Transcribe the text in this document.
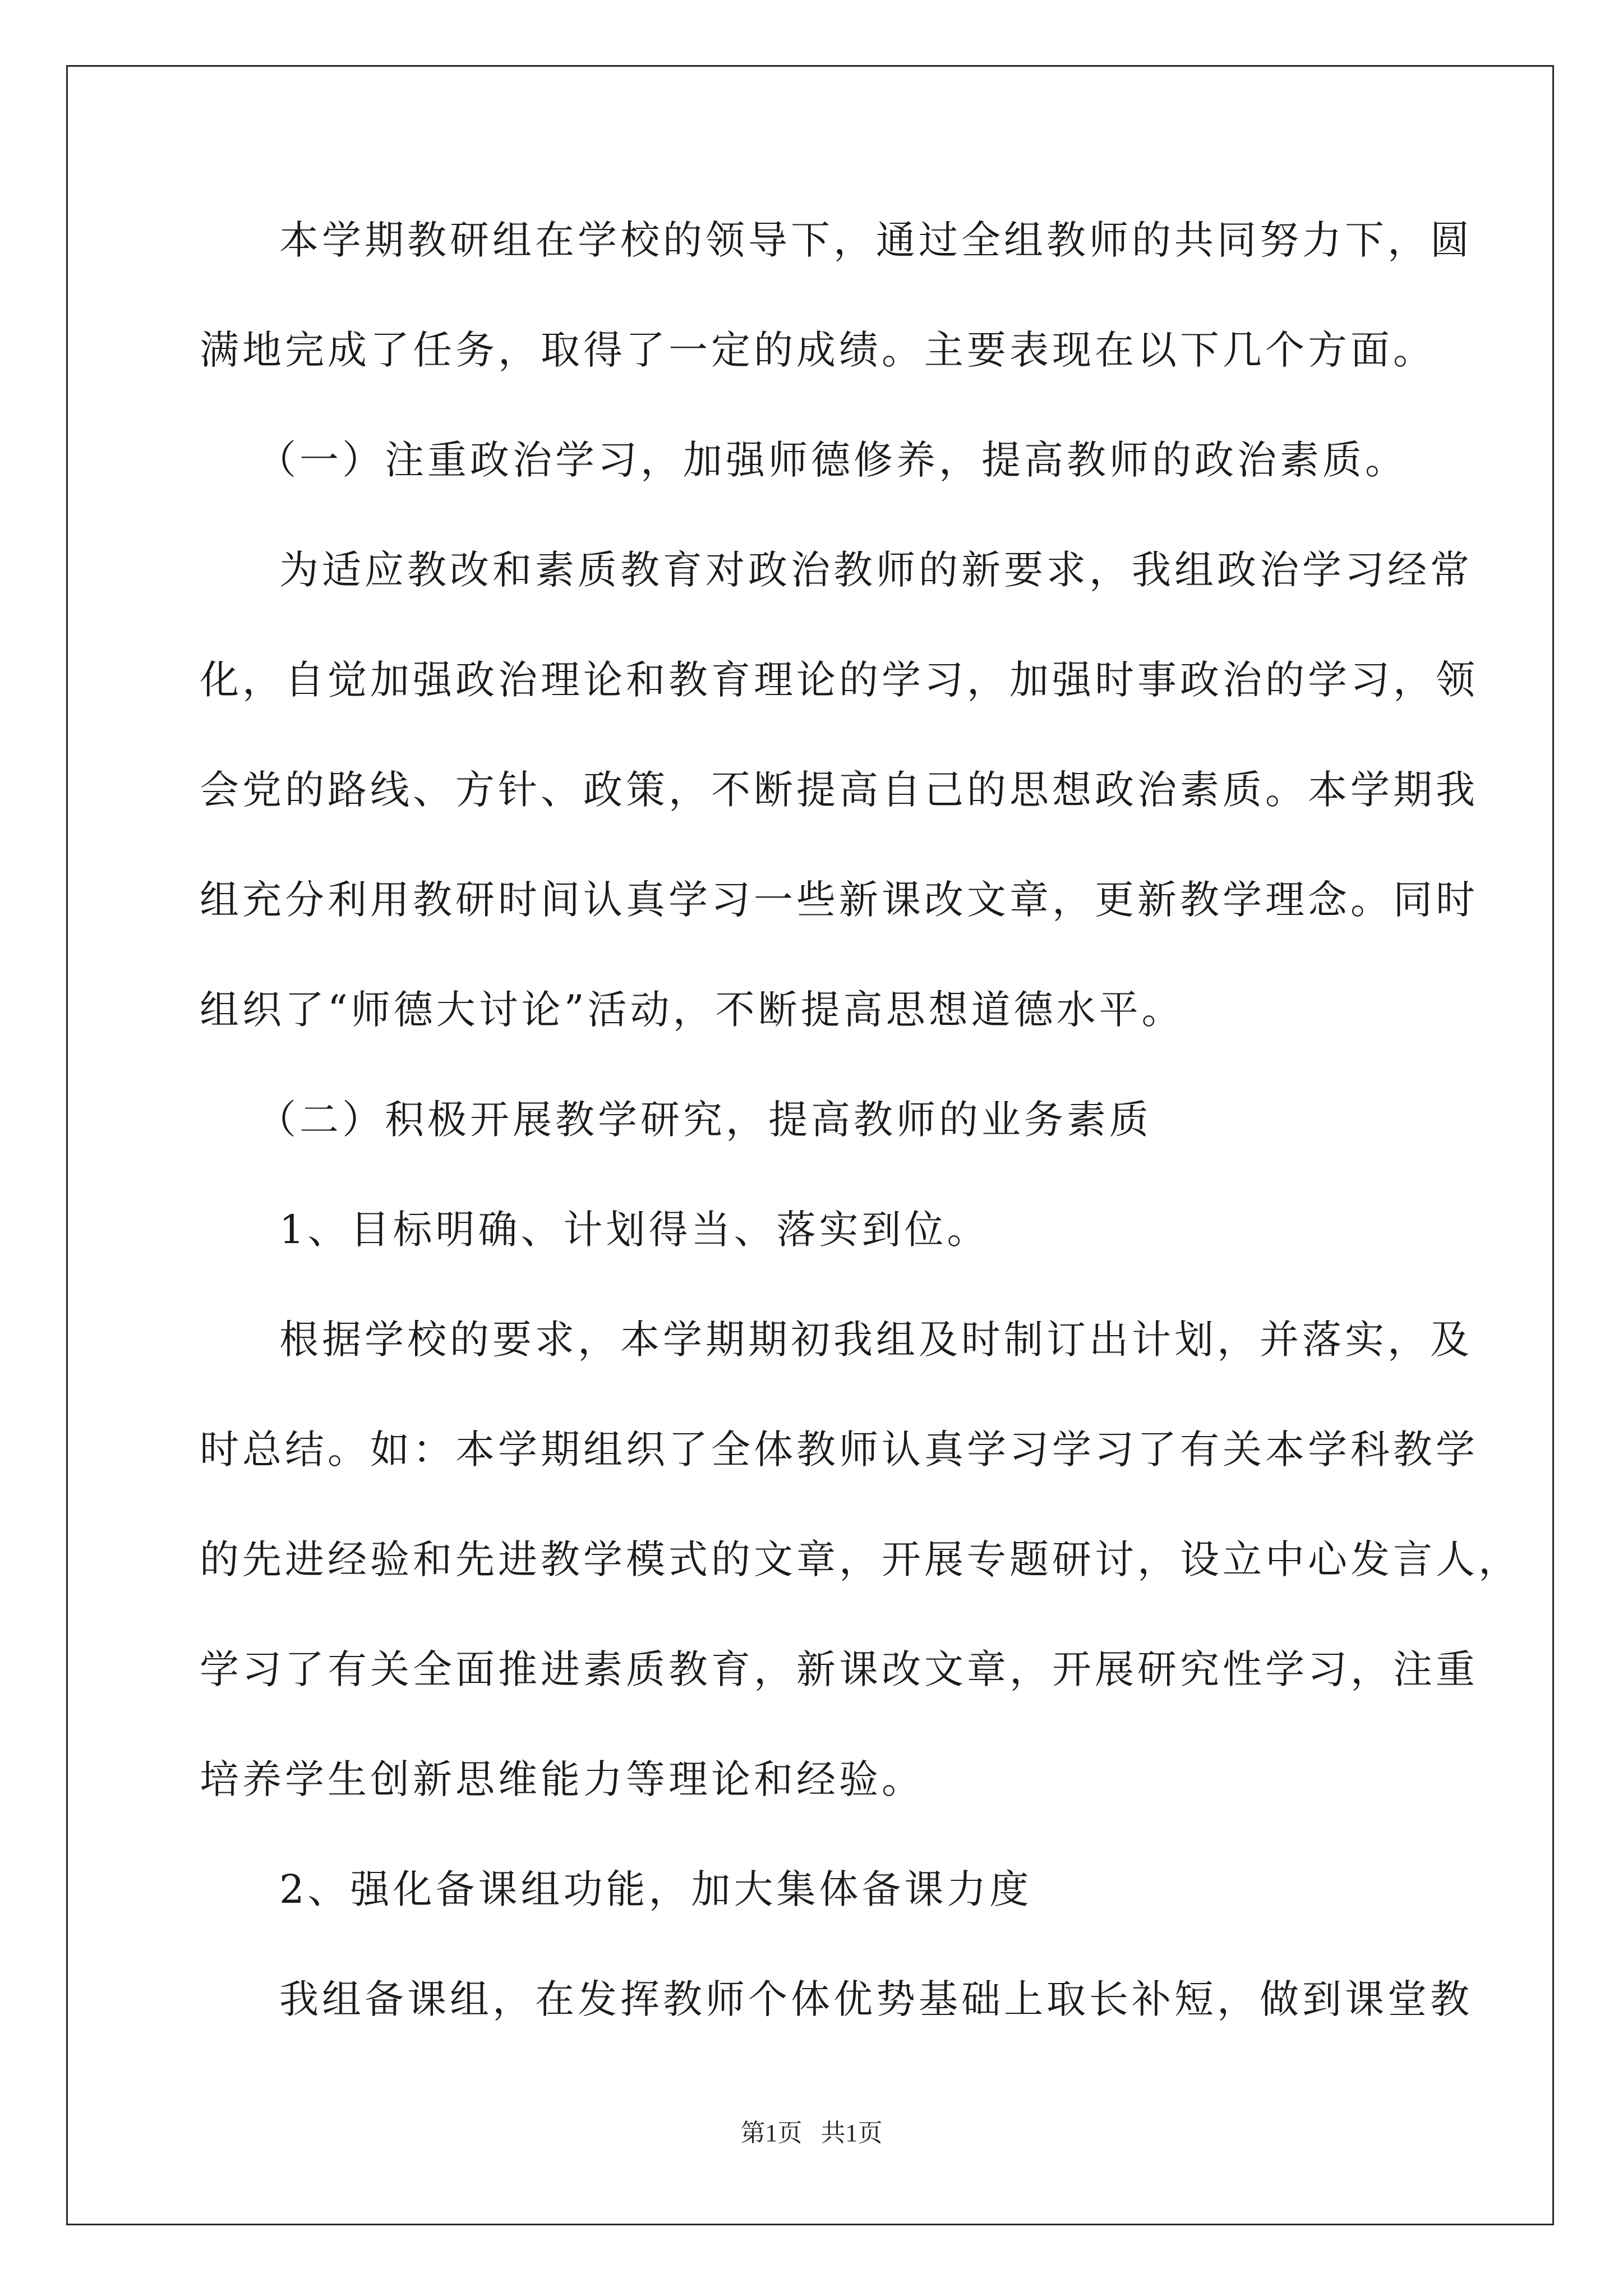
本学期教研组在学校的领导下，通过全组教师的共同努力下，圆
满地完成了任务，取得了一定的成绩。主要表现在以下几个方面。
（一）注重政治学习，加强师德修养，提高教师的政治素质。
为适应教改和素质教育对政治教师的新要求，我组政治学习经常
化，自觉加强政治理论和教育理论的学习，加强时事政治的学习，领
会党的路线、方针、政策，不断提高自己的思想政治素质。本学期我
组充分利用教研时间认真学习一些新课改文章，更新教学理念。同时
组织了“师德大讨论”活动，不断提高思想道德水平。
（二）积极开展教学研究，提高教师的业务素质
1、目标明确、计划得当、落实到位。
根据学校的要求，本学期期初我组及时制订出计划，并落实，及
时总结。如：本学期组织了全体教师认真学习学习了有关本学科教学
的先进经验和先进教学模式的文章，开展专题研讨，设立中心发言人，
学习了有关全面推进素质教育，新课改文章，开展研究性学习，注重
培养学生创新思维能力等理论和经验。
2、强化备课组功能，加大集体备课力度
我组备课组，在发挥教师个体优势基础上取长补短，做到课堂教
第1页 共1页
